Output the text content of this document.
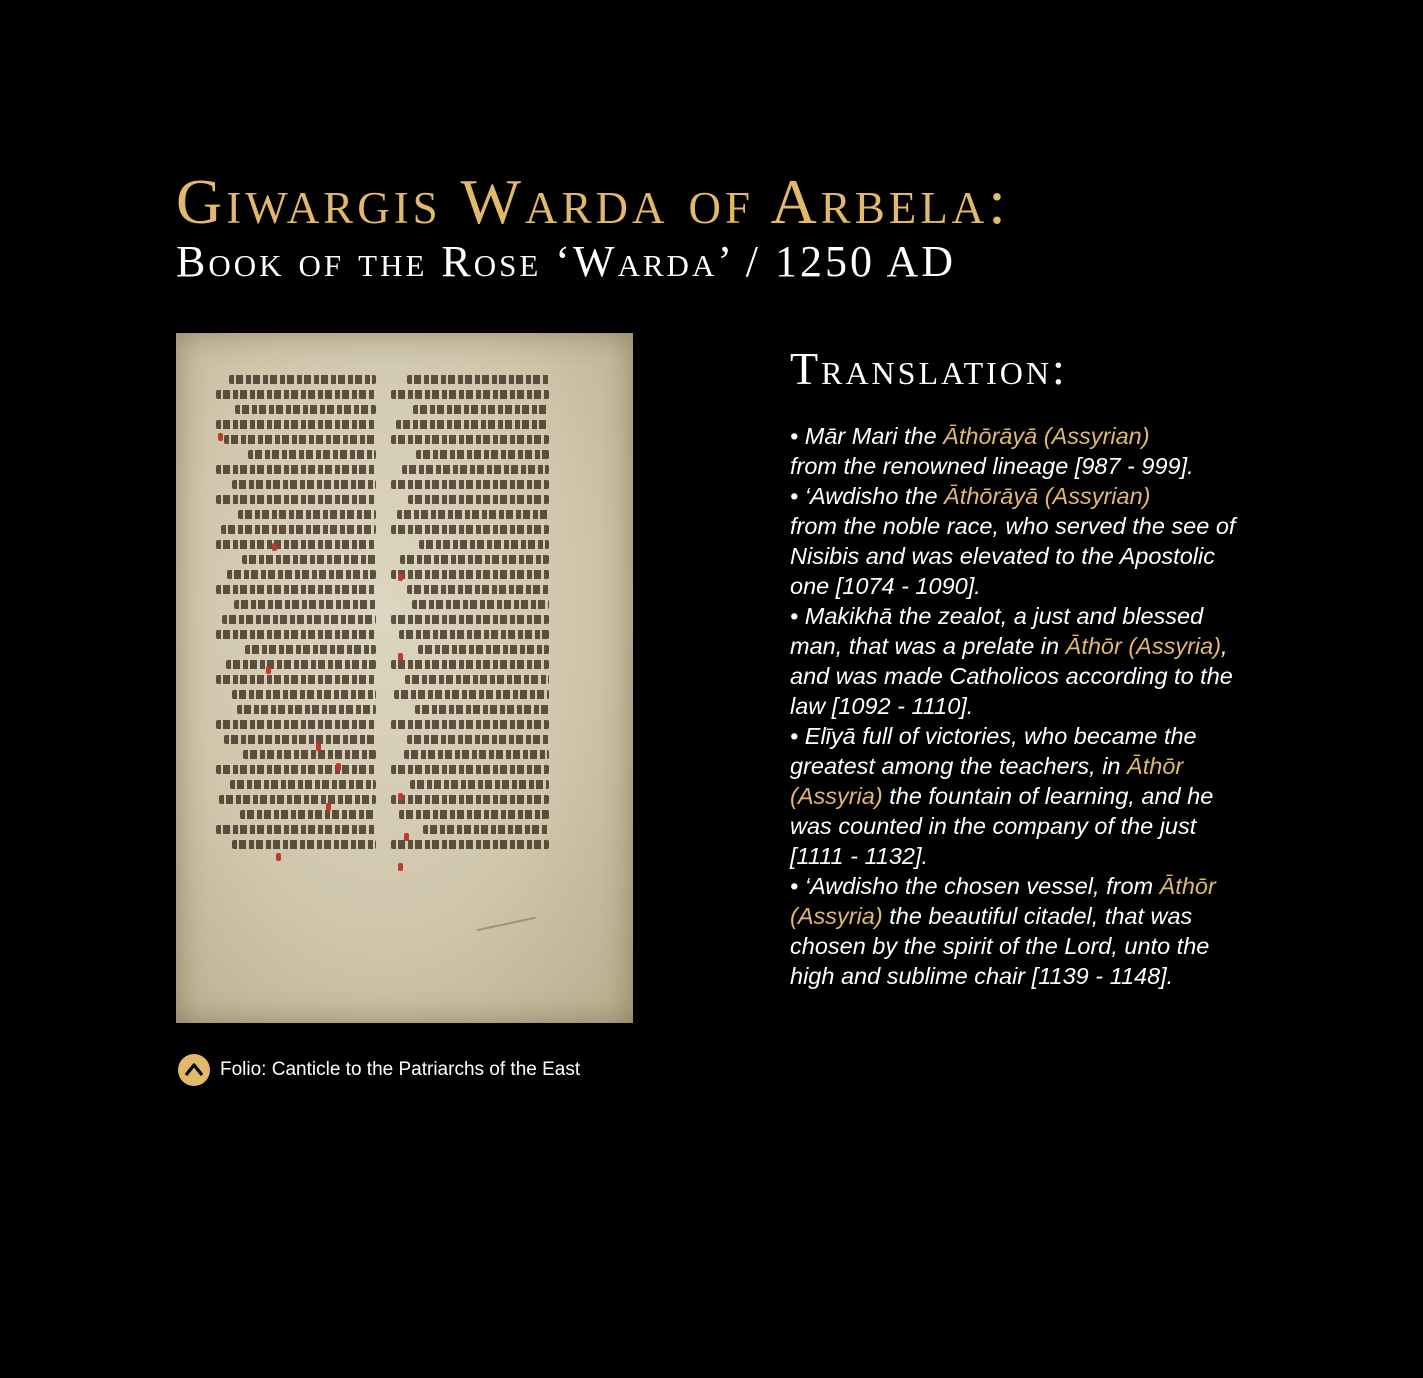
Giwargis Warda of Arbela:
Book of the Rose ‘Warda’ / 1250 AD
Folio: Canticle to the Patriarchs of the East
Translation:

• Mār Mari the Āthōrāyā (Assyrian)
from the renowned lineage [987 - 999].

• ‘Awdisho the Āthōrāyā (Assyrian)
from the noble race, who served the see of Nisibis and was elevated to the Apostolic one [1074 - 1090].

• Makikhā the zealot, a just and blessed man, that was a prelate in Āthōr (Assyria), and was made Catholicos according to the law [1092 - 1110].

• Elīyā full of victories, who became the greatest among the teachers, in Āthōr (Assyria) the fountain of learning, and he was counted in the company of the just [1111 - 1132].

• ‘Awdisho the chosen vessel, from Āthōr (Assyria) the beautiful citadel, that was chosen by the spirit of the Lord, unto the high and sublime chair [1139 - 1148].
